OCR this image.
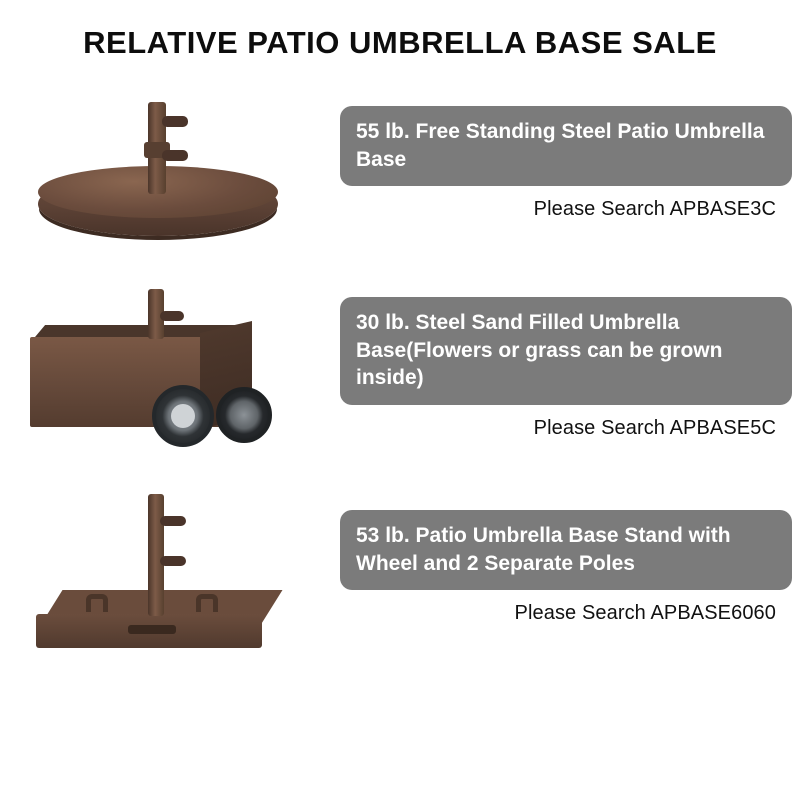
RELATIVE PATIO UMBRELLA BASE SALE
55 lb. Free Standing Steel Patio Umbrella Base
Please Search APBASE3C
30 lb. Steel Sand Filled Umbrella Base(Flowers or grass can be grown inside)
Please Search APBASE5C
53 lb. Patio Umbrella Base Stand with Wheel and 2 Separate Poles
Please Search APBASE6060
